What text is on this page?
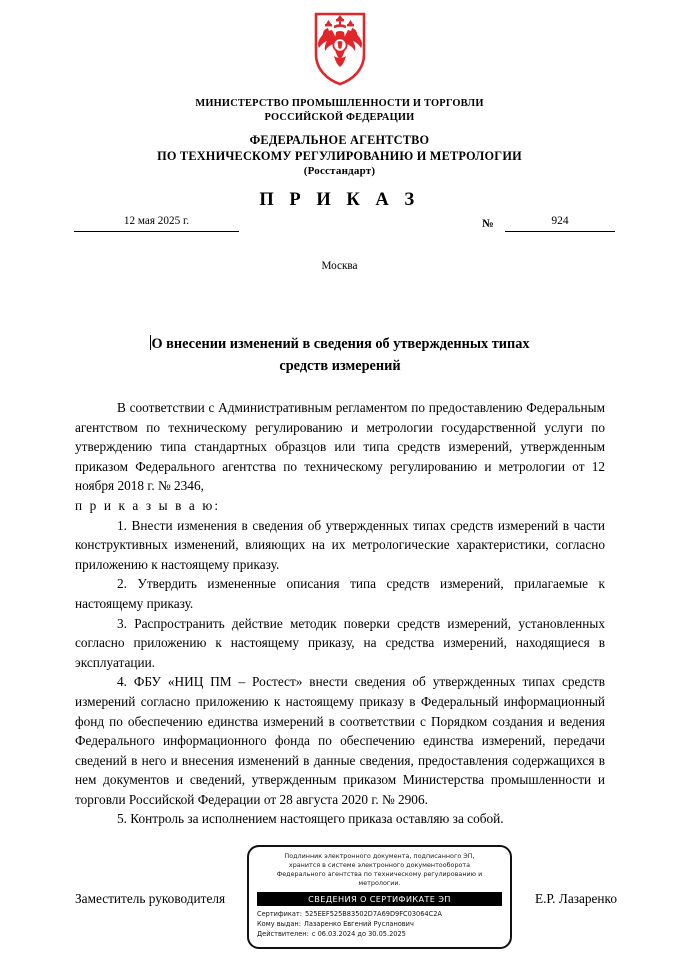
МИНИСТЕРСТВО ПРОМЫШЛЕННОСТИ И ТОРГОВЛИ
РОССИЙСКОЙ ФЕДЕРАЦИИ
ФЕДЕРАЛЬНОЕ АГЕНТСТВО
ПО ТЕХНИЧЕСКОМУ РЕГУЛИРОВАНИЮ И МЕТРОЛОГИИ
(Росстандарт)
П Р И К А З
12 мая 2025 г.	№	924
Москва
О внесении изменений в сведения об утвержденных типах
средств измерений

В соответствии с Административным регламентом по предоставлению Федеральным агентством по техническому регулированию и метрологии государственной услуги по утверждению типа стандартных образцов или типа средств измерений, утвержденным приказом Федерального агентства по техническому регулированию и метрологии от 12 ноября 2018 г. № 2346,

п р и к а з ы в а ю:

1. Внести изменения в сведения об утвержденных типах средств измерений в части конструктивных изменений, влияющих на их метрологические характеристики, согласно приложению к настоящему приказу.

2. Утвердить измененные описания типа средств измерений, прилагаемые к настоящему приказу.

3. Распространить действие методик поверки средств измерений, установленных согласно приложению к настоящему приказу, на средства измерений, находящиеся в эксплуатации.

4. ФБУ «НИЦ ПМ – Ростест» внести сведения об утвержденных типах средств измерений согласно приложению к настоящему приказу в Федеральный информационный фонд по обеспечению единства измерений в соответствии с Порядком создания и ведения Федерального информационного фонда по обеспечению единства измерений, передачи сведений в него и внесения изменений в данные сведения, предоставления содержащихся в нем документов и сведений, утвержденным приказом Министерства промышленности и торговли Российской Федерации от 28 августа 2020 г. № 2906.

5. Контроль за исполнением настоящего приказа оставляю за собой.

Заместитель руководителя	Е.Р. Лазаренко
Подлинник электронного документа, подписанного ЭП,
хранится в системе электронного документооборота
Федерального агентства по техническому регулированию и
метрологии.
СВЕДЕНИЯ О СЕРТИФИКАТЕ ЭП
Сертификат: 525EEF525B83502D7A69D9FC03064C2A
Кому выдан: Лазаренко Евгений Русланович
Действителен: с 06.03.2024 до 30.05.2025
